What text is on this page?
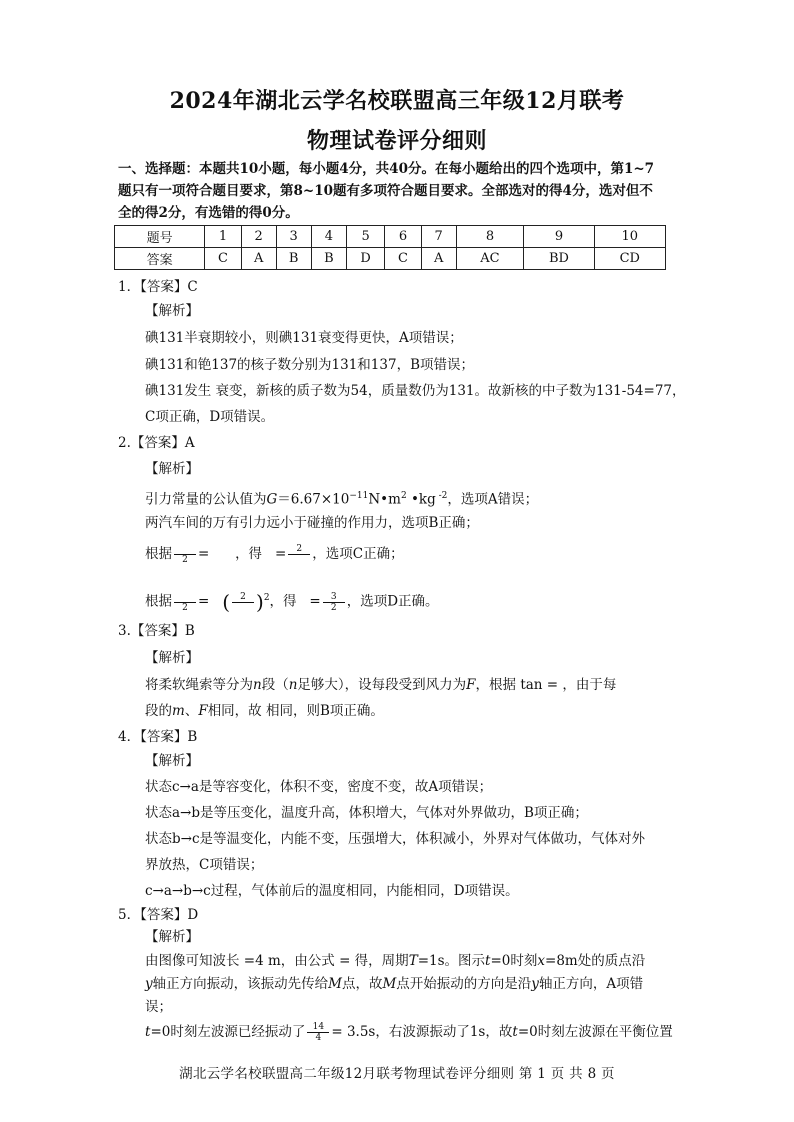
2024年湖北云学名校联盟高三年级12月联考
物理试卷评分细则
一、选择题：本题共10小题，每小题4分，共40分。在每小题给出的四个选项中，第1~7
题只有一项符合题目要求，第8~10题有多项符合题目要求。全部选对的得4分，选对但不
全的得2分，有选错的得0分。
题号	1	2	3	4	5	6	7	8	9	10
答案	C	A	B	B	D	C	A	AC	BD	CD
1．【答案】C
【解析】
碘131半衰期较小，则碘131衰变得更快，A项错误；
碘131和铯137的核子数分别为131和137，B项错误；
碘131发生 衰变，新核的质子数为54，质量数仍为131。故新核的中子数为131-54=77，
C项正确，D项错误。
2.【答案】A
【解析】
引力常量的公认值为$G=6.67\times 10^{-11}N•m^2$ •kg $^{-2}$，选项A错误；
两汽车间的万有引力远小于碰撞的作用力，选项B正确；
根据
	2 = ，得 =	2
，选项C正确；
根据
	2 = (	2
)$^2$，得 = $\frac{3}{2}$ ，选项D正确。
3.【答案】B
【解析】
将柔软绳索等分为n段（n足够大），设每段受到风力为F，根据 tan = ，由于每
段的m、F相同，故 相同，则B项正确。
4．【答案】B
【解析】
状态c→a是等容变化，体积不变，密度不变，故A项错误；
状态a→b是等压变化，温度升高，体积增大，气体对外界做功，B项正确；
状态b→c是等温变化，内能不变，压强增大，体积减小，外界对气体做功，气体对外
界放热，C项错误；
c→a→b→c过程，气体前后的温度相同，内能相同，D项错误。
5．【答案】D
【解析】
由图像可知波长 =4 m，由公式 = 得，周期T=1s。图示t=0时刻x=8m处的质点沿
y轴正方向振动，该振动先传给M点，故M点开始振动的方向是沿y轴正方向，A项错
误；
t=0时刻左波源已经振动了 $\frac{14}{4} = 3.5s$，右波源振动了1s，故t=0时刻左波源在平衡位置
湖北云学名校联盟高二年级12月联考物理试卷评分细则 第 1 页 共 8 页
